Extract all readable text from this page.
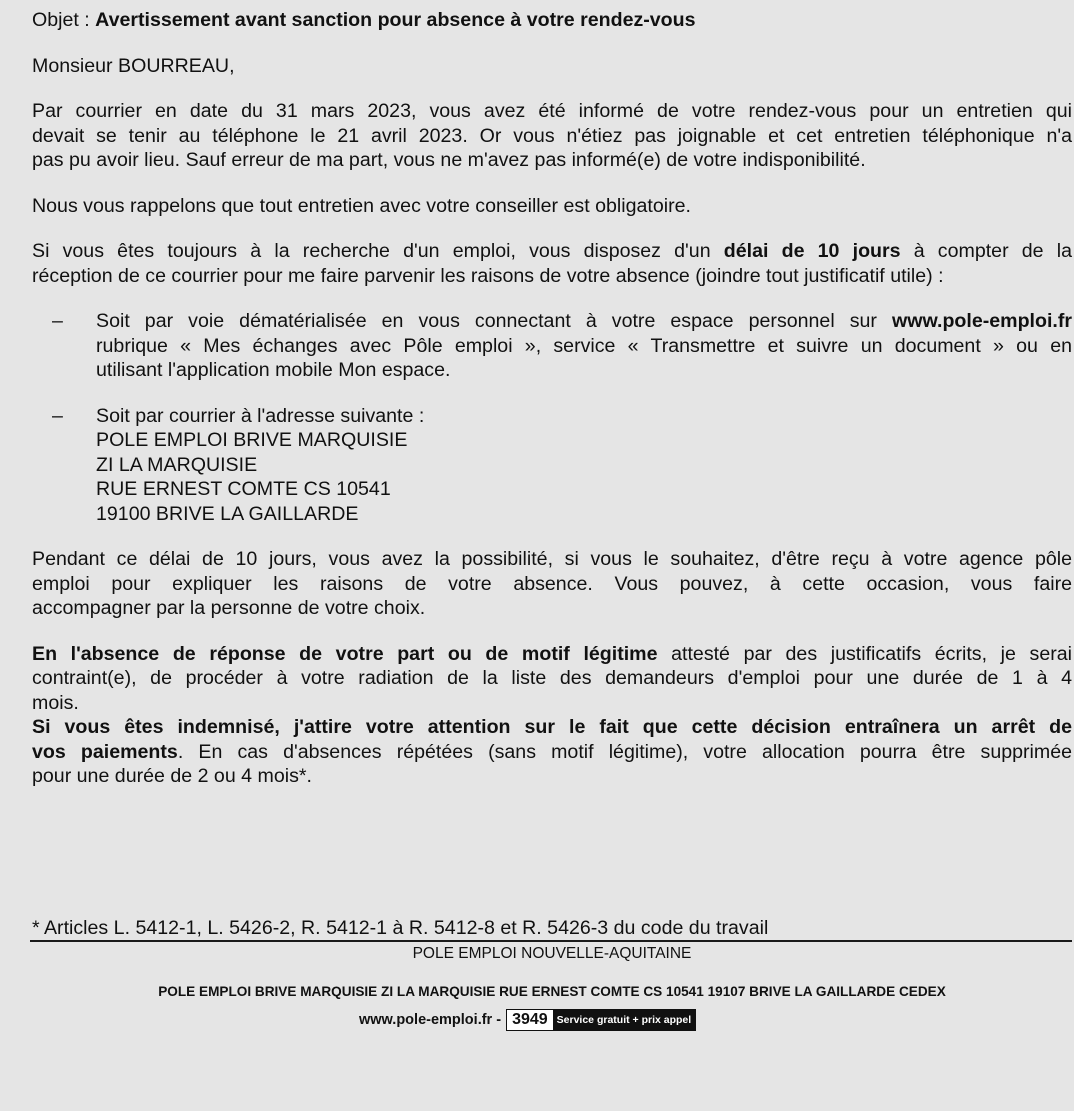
Objet : Avertissement avant sanction pour absence à votre rendez-vous

Monsieur BOURREAU,

Par courrier en date du 31 mars 2023, vous avez été informé de votre rendez-vous pour un entretien qui
devait se tenir au téléphone le 21 avril 2023. Or vous n'étiez pas joignable et cet entretien téléphonique n'a
pas pu avoir lieu. Sauf erreur de ma part, vous ne m'avez pas informé(e) de votre indisponibilité.

Nous vous rappelons que tout entretien avec votre conseiller est obligatoire.

Si vous êtes toujours à la recherche d'un emploi, vous disposez d'un délai de 10 jours à compter de la
réception de ce courrier pour me faire parvenir les raisons de votre absence (joindre tout justificatif utile) :
– Soit par voie dématérialisée en vous connectant à votre espace personnel sur www.pole-emploi.fr
rubrique « Mes échanges avec Pôle emploi », service « Transmettre et suivre un document » ou en
utilisant l'application mobile Mon espace.
– Soit par courrier à l'adresse suivante :
POLE EMPLOI BRIVE MARQUISIE
ZI LA MARQUISIE
RUE ERNEST COMTE CS 10541
19100 BRIVE LA GAILLARDE
Pendant ce délai de 10 jours, vous avez la possibilité, si vous le souhaitez, d'être reçu à votre agence pôle
emploi pour expliquer les raisons de votre absence. Vous pouvez, à cette occasion, vous faire
accompagner par la personne de votre choix.
En l'absence de réponse de votre part ou de motif légitime attesté par des justificatifs écrits, je serai
contraint(e), de procéder à votre radiation de la liste des demandeurs d'emploi pour une durée de 1 à 4
mois.
Si vous êtes indemnisé, j'attire votre attention sur le fait que cette décision entraînera un arrêt de
vos paiements. En cas d'absences répétées (sans motif légitime), votre allocation pourra être supprimée
pour une durée de 2 ou 4 mois*.
* Articles L. 5412-1, L. 5426-2, R. 5412-1 à R. 5412-8 et R. 5426-3 du code du travail
POLE EMPLOI NOUVELLE-AQUITAINE
POLE EMPLOI BRIVE MARQUISIE ZI LA MARQUISIE RUE ERNEST COMTE CS 10541 19107 BRIVE LA GAILLARDE CEDEX
www.pole-emploi.fr - 3949 Service gratuit + prix appel
